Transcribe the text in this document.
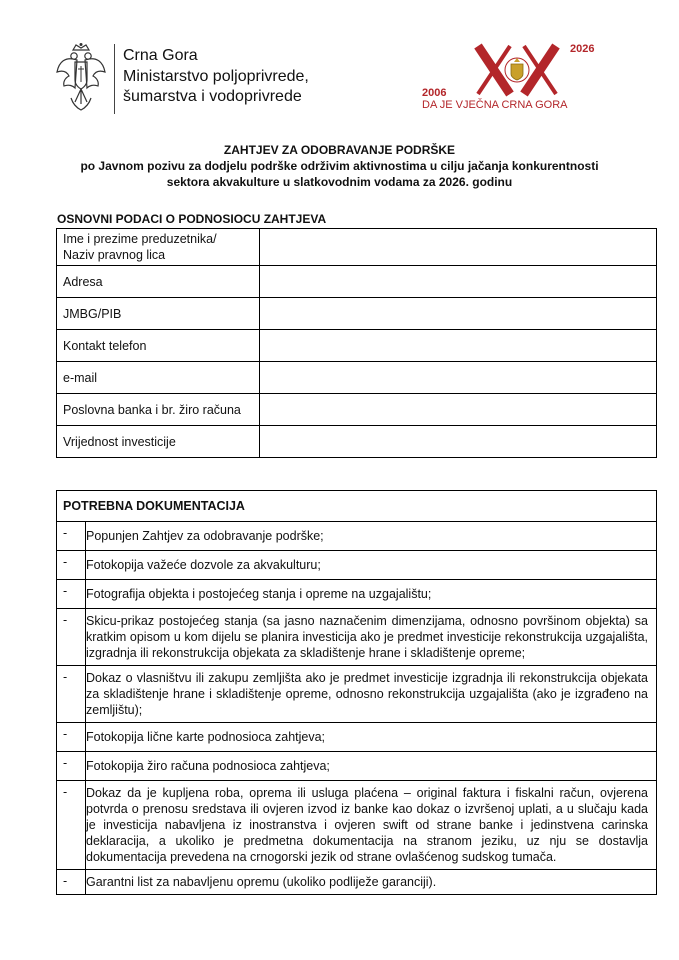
Crna Gora
Ministarstvo poljoprivrede,
šumarstva i vodoprivrede
2026
2006
DA JE VJEČNA CRNA GORA
ZAHTJEV ZA ODOBRAVANJE PODRŠKE
po Javnom pozivu za dodjelu podrške održivim aktivnostima u cilju jačanja konkurentnosti
sektora akvakulture u slatkovodnim vodama za 2026. godinu
OSNOVNI PODACI O PODNOSIOCU ZAHTJEVA
Ime i prezime preduzetnika/
Naziv pravnog lica	

Adresa	
JMBG/PIB	
Kontakt telefon	
e-mail	
Poslovna banka i br. žiro računa	
Vrijednost investicije	
POTREBNA DOKUMENTACIJA	
-	Popunjen Zahtjev za odobravanje podrške;
-	Fotokopija važeće dozvole za akvakulturu;
-	Fotografija objekta i postojećeg stanja i opreme na uzgajalištu;
-	Skicu-prikaz postojećeg stanja (sa jasno naznačenim dimenzijama, odnosno površinom objekta) sa kratkim opisom u kom dijelu se planira investicija ako je predmet investicije rekonstrukcija uzgajališta, izgradnja ili rekonstrukcija objekata za skladištenje hrane i skladištenje opreme;
-	Dokaz o vlasništvu ili zakupu zemljišta ako je predmet investicije izgradnja ili rekonstrukcija objekata za skladištenje hrane i skladištenje opreme, odnosno rekonstrukcija uzgajališta (ako je izgrađeno na zemljištu);
-	Fotokopija lične karte podnosioca zahtjeva;
-	Fotokopija žiro računa podnosioca zahtjeva;
-	Dokaz da je kupljena roba, oprema ili usluga plaćena – original faktura i fiskalni račun, ovjerena potvrda o prenosu sredstava ili ovjeren izvod iz banke kao dokaz o izvršenoj uplati, a u slučaju kada je investicija nabavljena iz inostranstva i ovjeren swift od strane banke i jedinstvena carinska deklaracija, a ukoliko je predmetna dokumentacija na stranom jeziku, uz nju se dostavlja dokumentacija prevedena na crnogorski jezik od strane ovlašćenog sudskog tumača.
-	Garantni list za nabavljenu opremu (ukoliko podliježe garanciji).
